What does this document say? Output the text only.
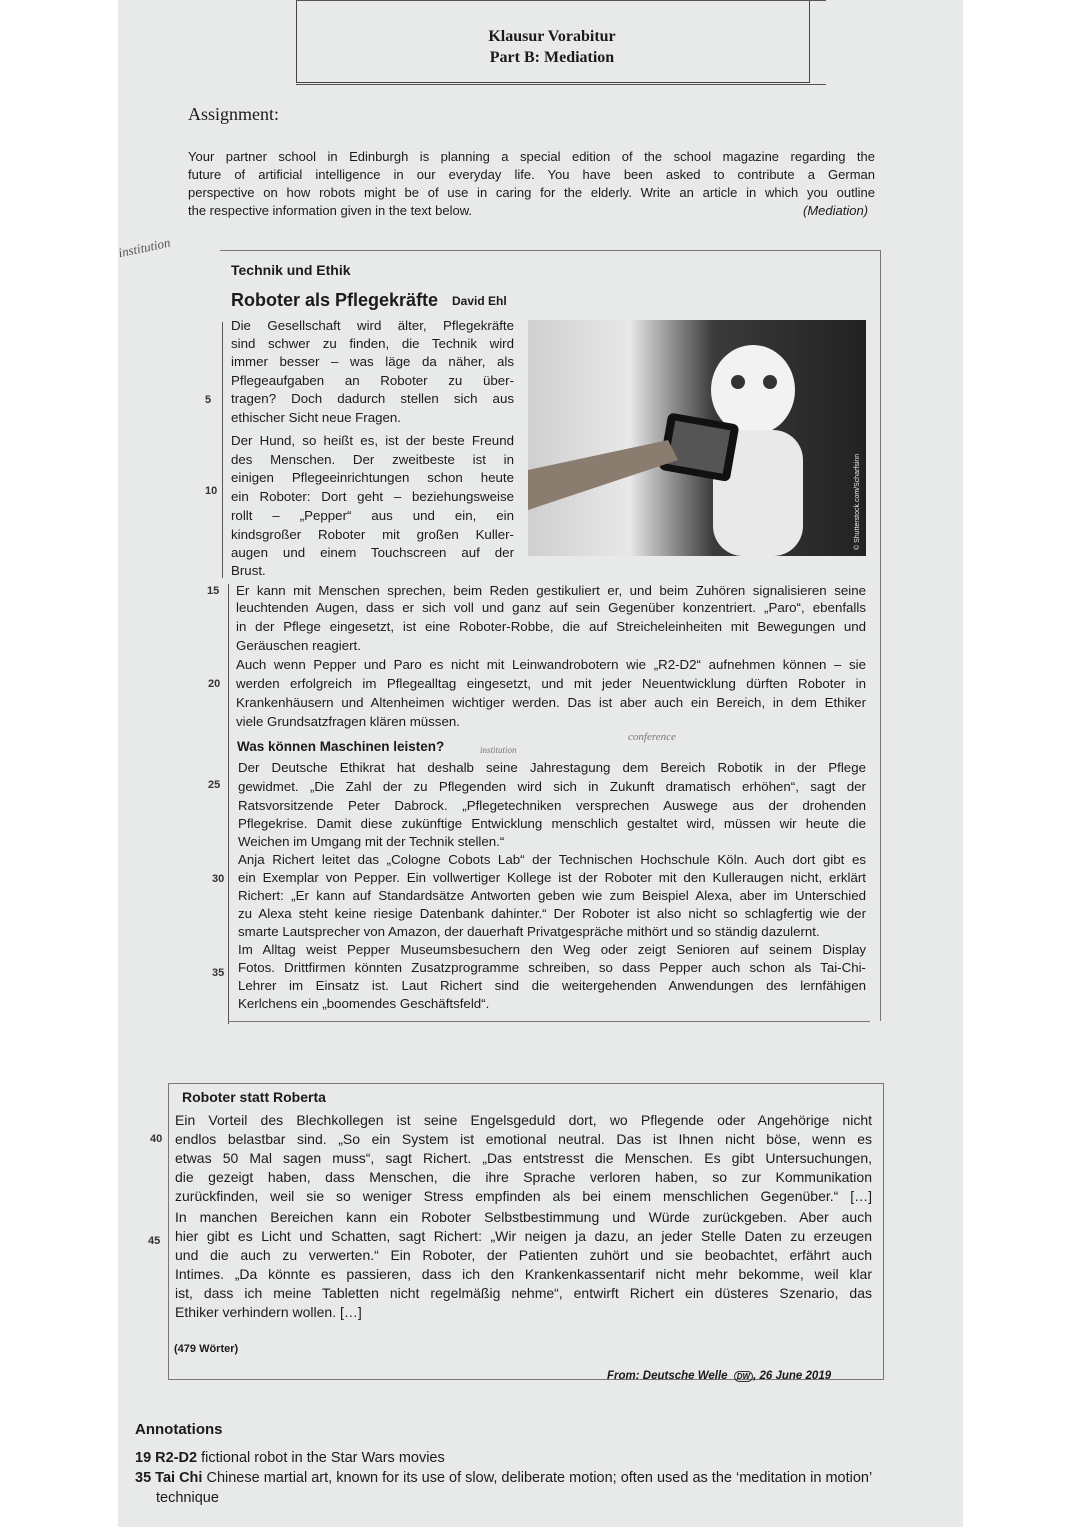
Klausur Vorabitur
Part B: Mediation
Assignment:
Your partner school in Edinburgh is planning a special edition of the school magazine regarding the
future of artificial intelligence in our everyday life. You have been asked to contribute a German
perspective on how robots might be of use in caring for the elderly. Write an article in which you outline
the respective information given in the text below.	(Mediation)
institution
conference
institution
Technik und Ethik
Roboter als Pflegekräfte David Ehl
© Shutterstock.com/Scharfsinn
Die Gesellschaft wird älter, Pflegekräfte
sind schwer zu finden, die Technik wird
immer besser – was läge da näher, als
Pflegeaufgaben an Roboter zu über-
tragen? Doch dadurch stellen sich aus
ethischer Sicht neue Fragen.
Der Hund, so heißt es, ist der beste Freund
des Menschen. Der zweitbeste ist in
einigen Pflegeeinrichtungen schon heute
ein Roboter: Dort geht – beziehungsweise
rollt – „Pepper“ aus und ein, ein
kindsgroßer Roboter mit großen Kuller-
augen und einem Touchscreen auf der
Brust.
Er kann mit Menschen sprechen, beim Reden gestikuliert er, und beim Zuhören signalisieren seine
leuchtenden Augen, dass er sich voll und ganz auf sein Gegenüber konzentriert. „Paro“, ebenfalls
in der Pflege eingesetzt, ist eine Roboter-Robbe, die auf Streicheleinheiten mit Bewegungen und
Geräuschen reagiert.
Auch wenn Pepper und Paro es nicht mit Leinwandrobotern wie „R2-D2“ aufnehmen können – sie
werden erfolgreich im Pflegealltag eingesetzt, und mit jeder Neuentwicklung dürften Roboter in
Krankenhäusern und Altenheimen wichtiger werden. Das ist aber auch ein Bereich, in dem Ethiker
viele Grundsatzfragen klären müssen.
Was können Maschinen leisten?
Der Deutsche Ethikrat hat deshalb seine Jahrestagung dem Bereich Robotik in der Pflege
gewidmet. „Die Zahl der zu Pflegenden wird sich in Zukunft dramatisch erhöhen“, sagt der
Ratsvorsitzende Peter Dabrock. „Pflegetechniken versprechen Auswege aus der drohenden
Pflegekrise. Damit diese zukünftige Entwicklung menschlich gestaltet wird, müssen wir heute die
Weichen im Umgang mit der Technik stellen.“
Anja Richert leitet das „Cologne Cobots Lab“ der Technischen Hochschule Köln. Auch dort gibt es
ein Exemplar von Pepper. Ein vollwertiger Kollege ist der Roboter mit den Kulleraugen nicht, erklärt
Richert: „Er kann auf Standardsätze Antworten geben wie zum Beispiel Alexa, aber im Unterschied
zu Alexa steht keine riesige Datenbank dahinter.“ Der Roboter ist also nicht so schlagfertig wie der
smarte Lautsprecher von Amazon, der dauerhaft Privatgespräche mithört und so ständig dazulernt.
Im Alltag weist Pepper Museumsbesuchern den Weg oder zeigt Senioren auf seinem Display
Fotos. Drittfirmen könnten Zusatzprogramme schreiben, so dass Pepper auch schon als Tai-Chi-
Lehrer im Einsatz ist. Laut Richert sind die weitergehenden Anwendungen des lernfähigen
Kerlchens ein „boomendes Geschäftsfeld“.
Roboter statt Roberta
Ein Vorteil des Blechkollegen ist seine Engelsgeduld dort, wo Pflegende oder Angehörige nicht
endlos belastbar sind. „So ein System ist emotional neutral. Das ist Ihnen nicht böse, wenn es
etwas 50 Mal sagen muss“, sagt Richert. „Das entstresst die Menschen. Es gibt Untersuchungen,
die gezeigt haben, dass Menschen, die ihre Sprache verloren haben, so zur Kommunikation
zurückfinden, weil sie so weniger Stress empfinden als bei einem menschlichen Gegenüber.“ […]
In manchen Bereichen kann ein Roboter Selbstbestimmung und Würde zurückgeben. Aber auch
hier gibt es Licht und Schatten, sagt Richert: „Wir neigen ja dazu, an jeder Stelle Daten zu erzeugen
und die auch zu verwerten.“ Ein Roboter, der Patienten zuhört und sie beobachtet, erfährt auch
Intimes. „Da könnte es passieren, dass ich den Krankenkassentarif nicht mehr bekomme, weil klar
ist, dass ich meine Tabletten nicht regelmäßig nehme“, entwirft Richert ein düsteres Szenario, das
Ethiker verhindern wollen. […]
(479 Wörter)
From: Deutsche Welle DW , 26 June 2019
Annotations
19 R2-D2 fictional robot in the Star Wars movies
35 Tai Chi Chinese martial art, known for its use of slow, deliberate motion; often used as the ‘meditation in motion’
technique
5
10
15
20
25
30
35
40
45
